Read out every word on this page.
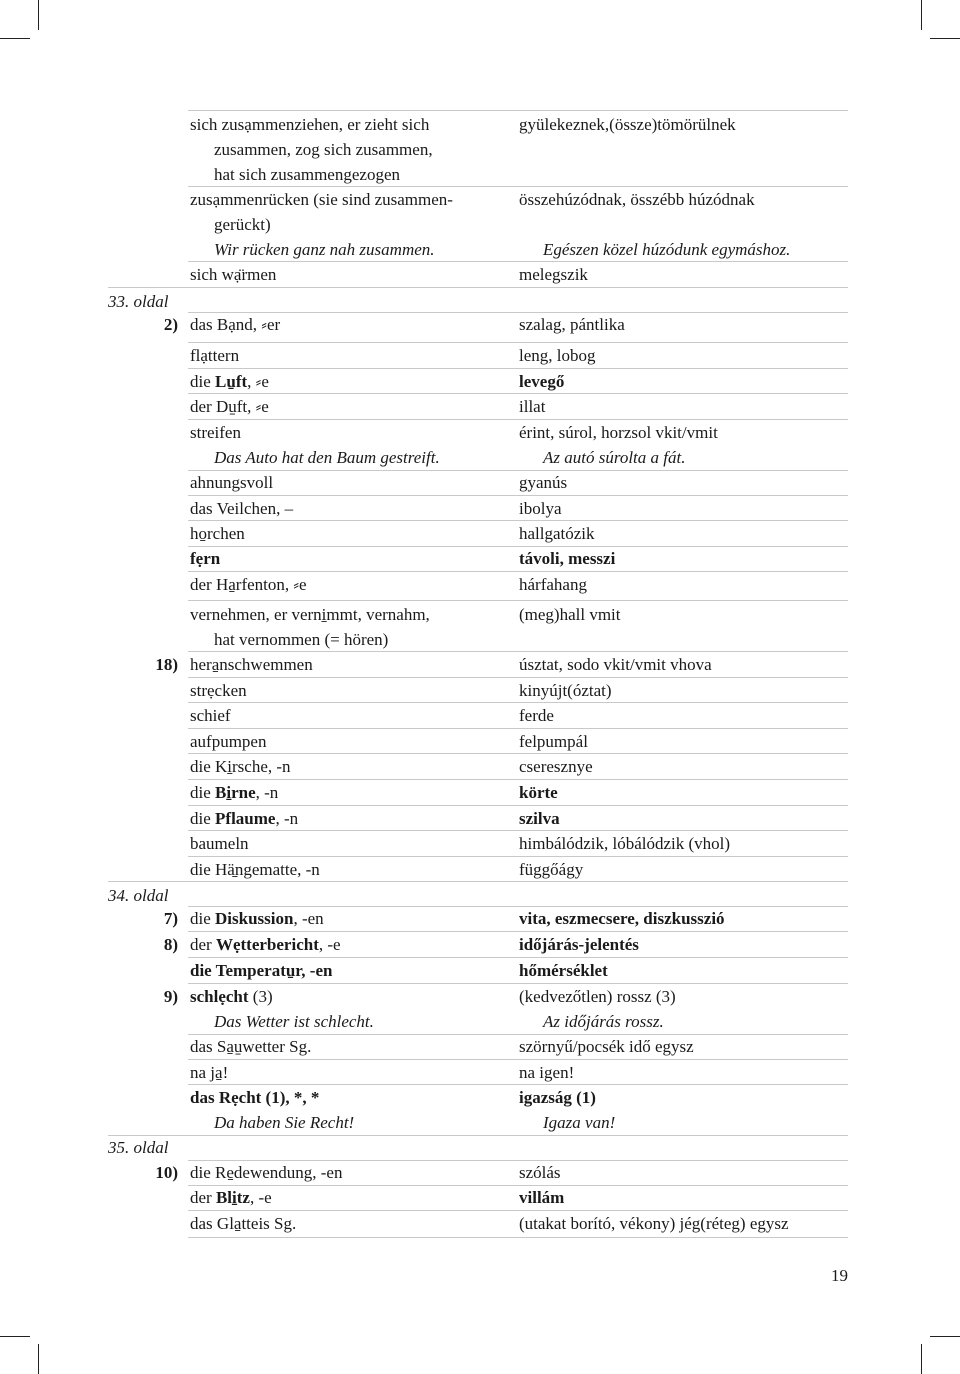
sich zusạmmenziehen, er zieht sich	gyülekeznek,(össze)tömörülnek
zusammen, zog sich zusammen,
hat sich zusammengezogen
zusạmmenrücken (sie sind zusammen-	összehúzódnak, összébb húzódnak
gerückt)
Wir rücken ganz nah zusammen.	Egészen közel húzódunk egymáshoz.
sich wạ̈rmen	melegszik
33. oldal
2) das Bạnd, ⸗er	szalag, pántlika
flạttern	leng, lobog
die Lu̱ft, ⸗e	levegő
der Du̱ft, ⸗e	illat
streifen	érint, súrol, horzsol vkit/vmit
Das Auto hat den Baum gestreift.	Az autó súrolta a fát.
ahnungsvoll	gyanús
das Veilchen, –	ibolya
ho̱rchen	hallgatózik
fẹrn	távoli, messzi
der Ha̱rfenton, ⸗e	hárfahang
vernehmen, er verni̱mmt, vernahm,	(meg)hall vmit
hat vernommen (= hören)
18) hera̱nschwemmen	úsztat, sodo vkit/vmit vhova
strẹcken	kinyújt(óztat)
schief	ferde
aufpumpen	felpumpál
die Ki̱rsche, -n	cseresznye
die Bi̱rne, -n	körte
die Pflaume, -n	szilva
baumeln	himbálódzik, lóbálódzik (vhol)
die Hä̱ngematte, -n	függőágy
34. oldal
7) die Diskussion, -en	vita, eszmecsere, diszkusszió
8) der Wẹtterbericht, -e	időjárás-jelentés
die Temperatu̱r, -en	hőmérséklet
9) schlẹcht (3)	(kedvezőtlen) rossz (3)
Das Wetter ist schlecht.	Az időjárás rossz.
das Sa̱u̱wetter Sg.	szörnyű/pocsék idő egysz
na ja̱!	na igen!
das Rẹcht (1), *, *	igazság (1)
Da haben Sie Recht!	Igaza van!
35. oldal
10) die Re̱dewendung, -en	szólás
der Bli̱tz, -e	villám
das Gla̱tteis Sg.	(utakat borító, vékony) jég(réteg) egysz
19
